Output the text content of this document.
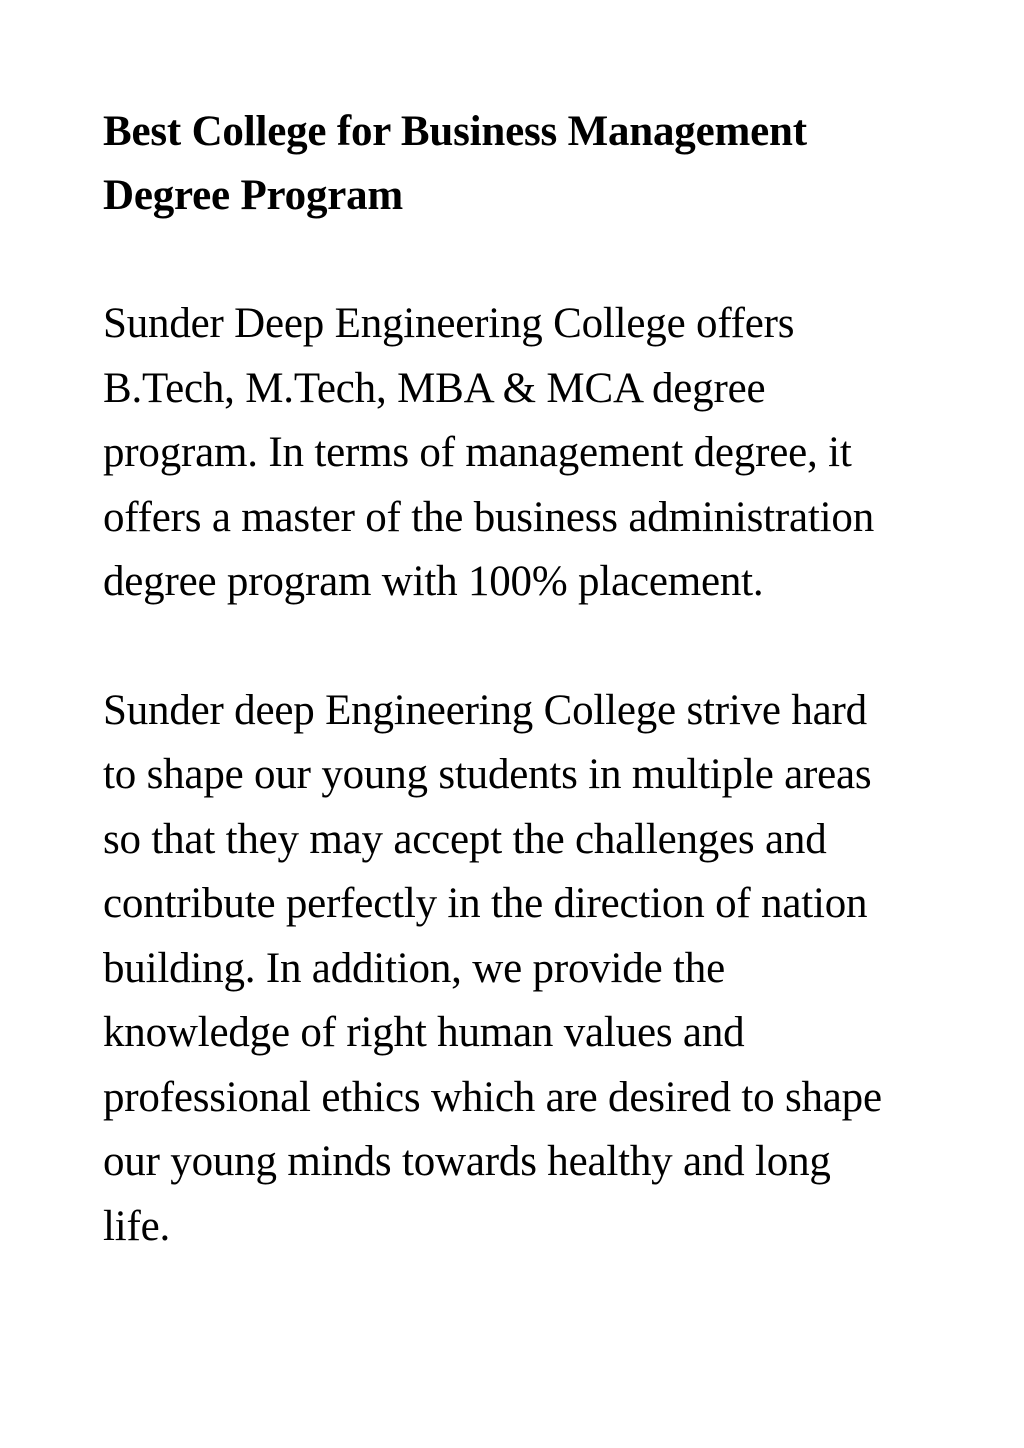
Best College for Business Management
Degree Program

Sunder Deep Engineering College offers
B.Tech, M.Tech, MBA & MCA degree
program. In terms of management degree, it
offers a master of the business administration
degree program with 100% placement.

Sunder deep Engineering College strive hard
to shape our young students in multiple areas
so that they may accept the challenges and
contribute perfectly in the direction of nation
building. In addition, we provide the
knowledge of right human values and
professional ethics which are desired to shape
our young minds towards healthy and long
life.
